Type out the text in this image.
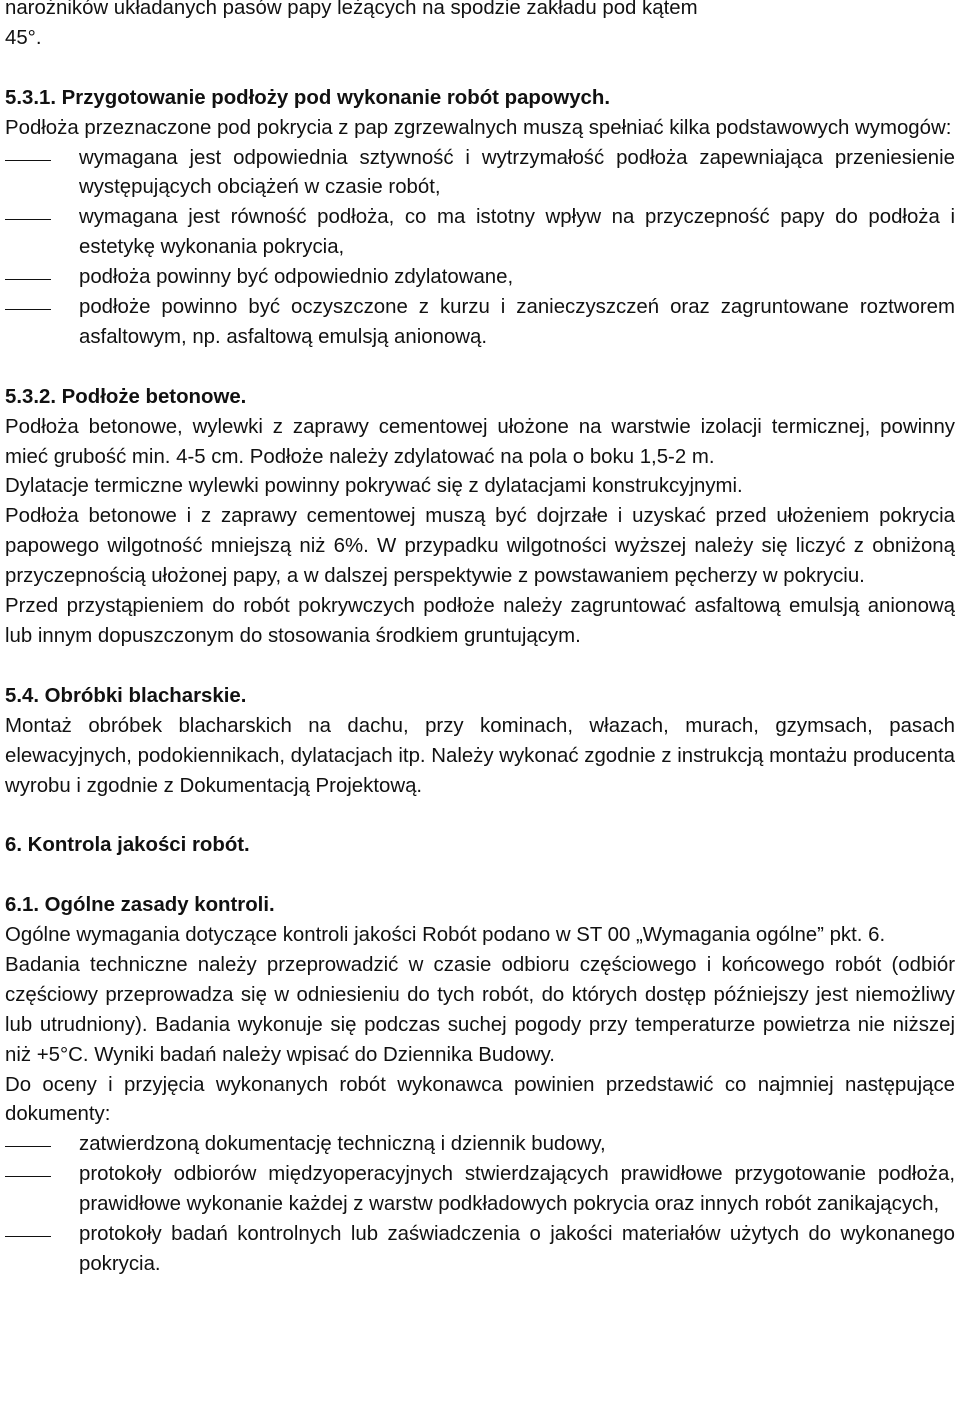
narożników układanych pasów papy leżących na spodzie zakładu pod kątem

45°.

5.3.1. Przygotowanie podłoży pod wykonanie robót papowych.

Podłoża przeznaczone pod pokrycia z pap zgrzewalnych muszą spełniać kilka podstawowych wymogów:

wymagana jest odpowiednia sztywność i wytrzymałość podłoża zapewniająca przeniesienie występujących obciążeń w czasie robót,
wymagana jest równość podłoża, co ma istotny wpływ na przyczepność papy do podłoża i estetykę wykonania pokrycia,
podłoża powinny być odpowiednio zdylatowane,
podłoże powinno być oczyszczone z kurzu i zanieczyszczeń oraz zagruntowane roztworem asfaltowym, np. asfaltową emulsją anionową.

5.3.2. Podłoże betonowe.

Podłoża betonowe, wylewki z zaprawy cementowej ułożone na warstwie izolacji termicznej, powinny mieć grubość min. 4-5 cm. Podłoże należy zdylatować na pola o boku 1,5-2 m.

Dylatacje termiczne wylewki powinny pokrywać się z dylatacjami konstrukcyjnymi.

Podłoża betonowe i z zaprawy cementowej muszą być dojrzałe i uzyskać przed ułożeniem pokrycia papowego wilgotność mniejszą niż 6%. W przypadku wilgotności wyższej należy się liczyć z obniżoną przyczepnością ułożonej papy, a w dalszej perspektywie z powstawaniem pęcherzy w pokryciu.

Przed przystąpieniem do robót pokrywczych podłoże należy zagruntować asfaltową emulsją anionową lub innym dopuszczonym do stosowania środkiem gruntującym.

5.4. Obróbki blacharskie.

Montaż obróbek blacharskich na dachu, przy kominach, włazach, murach, gzymsach, pasach elewacyjnych, podokiennikach, dylatacjach itp. Należy wykonać zgodnie z instrukcją montażu producenta wyrobu i zgodnie z Dokumentacją Projektową.

6. Kontrola jakości robót.

6.1. Ogólne zasady kontroli.

Ogólne wymagania dotyczące kontroli jakości Robót podano w ST 00 „Wymagania ogólne” pkt. 6.

Badania techniczne należy przeprowadzić w czasie odbioru częściowego i końcowego robót (odbiór częściowy przeprowadza się w odniesieniu do tych robót, do których dostęp późniejszy jest niemożliwy lub utrudniony). Badania wykonuje się podczas suchej pogody przy temperaturze powietrza nie niższej niż +5°C. Wyniki badań należy wpisać do Dziennika Budowy.

Do oceny i przyjęcia wykonanych robót wykonawca powinien przedstawić co najmniej następujące dokumenty:

zatwierdzoną dokumentację techniczną i dziennik budowy,
protokoły odbiorów międzyoperacyjnych stwierdzających prawidłowe przygotowanie podłoża, prawidłowe wykonanie każdej z warstw podkładowych pokrycia oraz innych robót zanikających,
protokoły badań kontrolnych lub zaświadczenia o jakości materiałów użytych do wykonanego pokrycia.
